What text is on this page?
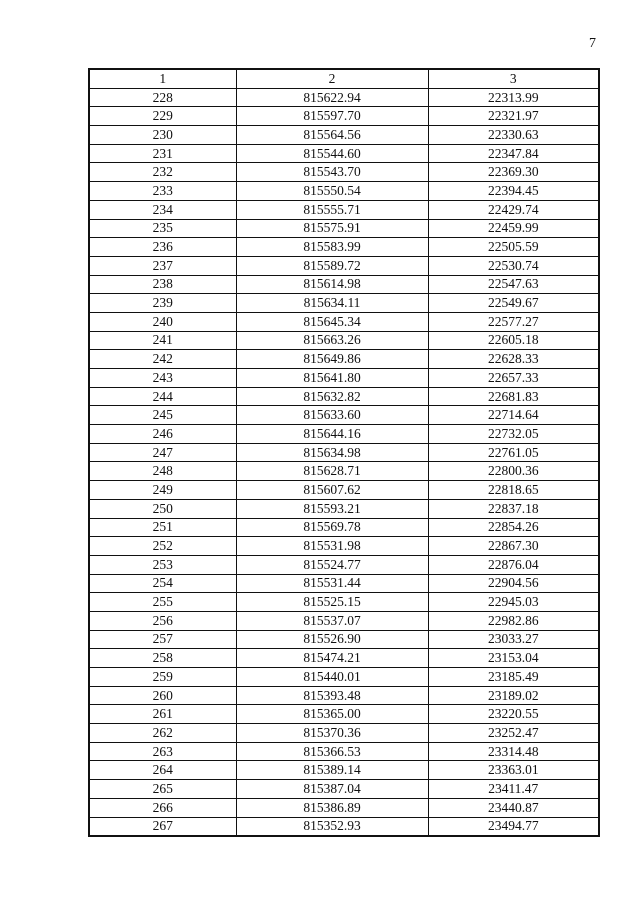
7
1	2	3
228	815622.94	22313.99
229	815597.70	22321.97
230	815564.56	22330.63
231	815544.60	22347.84
232	815543.70	22369.30
233	815550.54	22394.45
234	815555.71	22429.74
235	815575.91	22459.99
236	815583.99	22505.59
237	815589.72	22530.74
238	815614.98	22547.63
239	815634.11	22549.67
240	815645.34	22577.27
241	815663.26	22605.18
242	815649.86	22628.33
243	815641.80	22657.33
244	815632.82	22681.83
245	815633.60	22714.64
246	815644.16	22732.05
247	815634.98	22761.05
248	815628.71	22800.36
249	815607.62	22818.65
250	815593.21	22837.18
251	815569.78	22854.26
252	815531.98	22867.30
253	815524.77	22876.04
254	815531.44	22904.56
255	815525.15	22945.03
256	815537.07	22982.86
257	815526.90	23033.27
258	815474.21	23153.04
259	815440.01	23185.49
260	815393.48	23189.02
261	815365.00	23220.55
262	815370.36	23252.47
263	815366.53	23314.48
264	815389.14	23363.01
265	815387.04	23411.47
266	815386.89	23440.87
267	815352.93	23494.77
